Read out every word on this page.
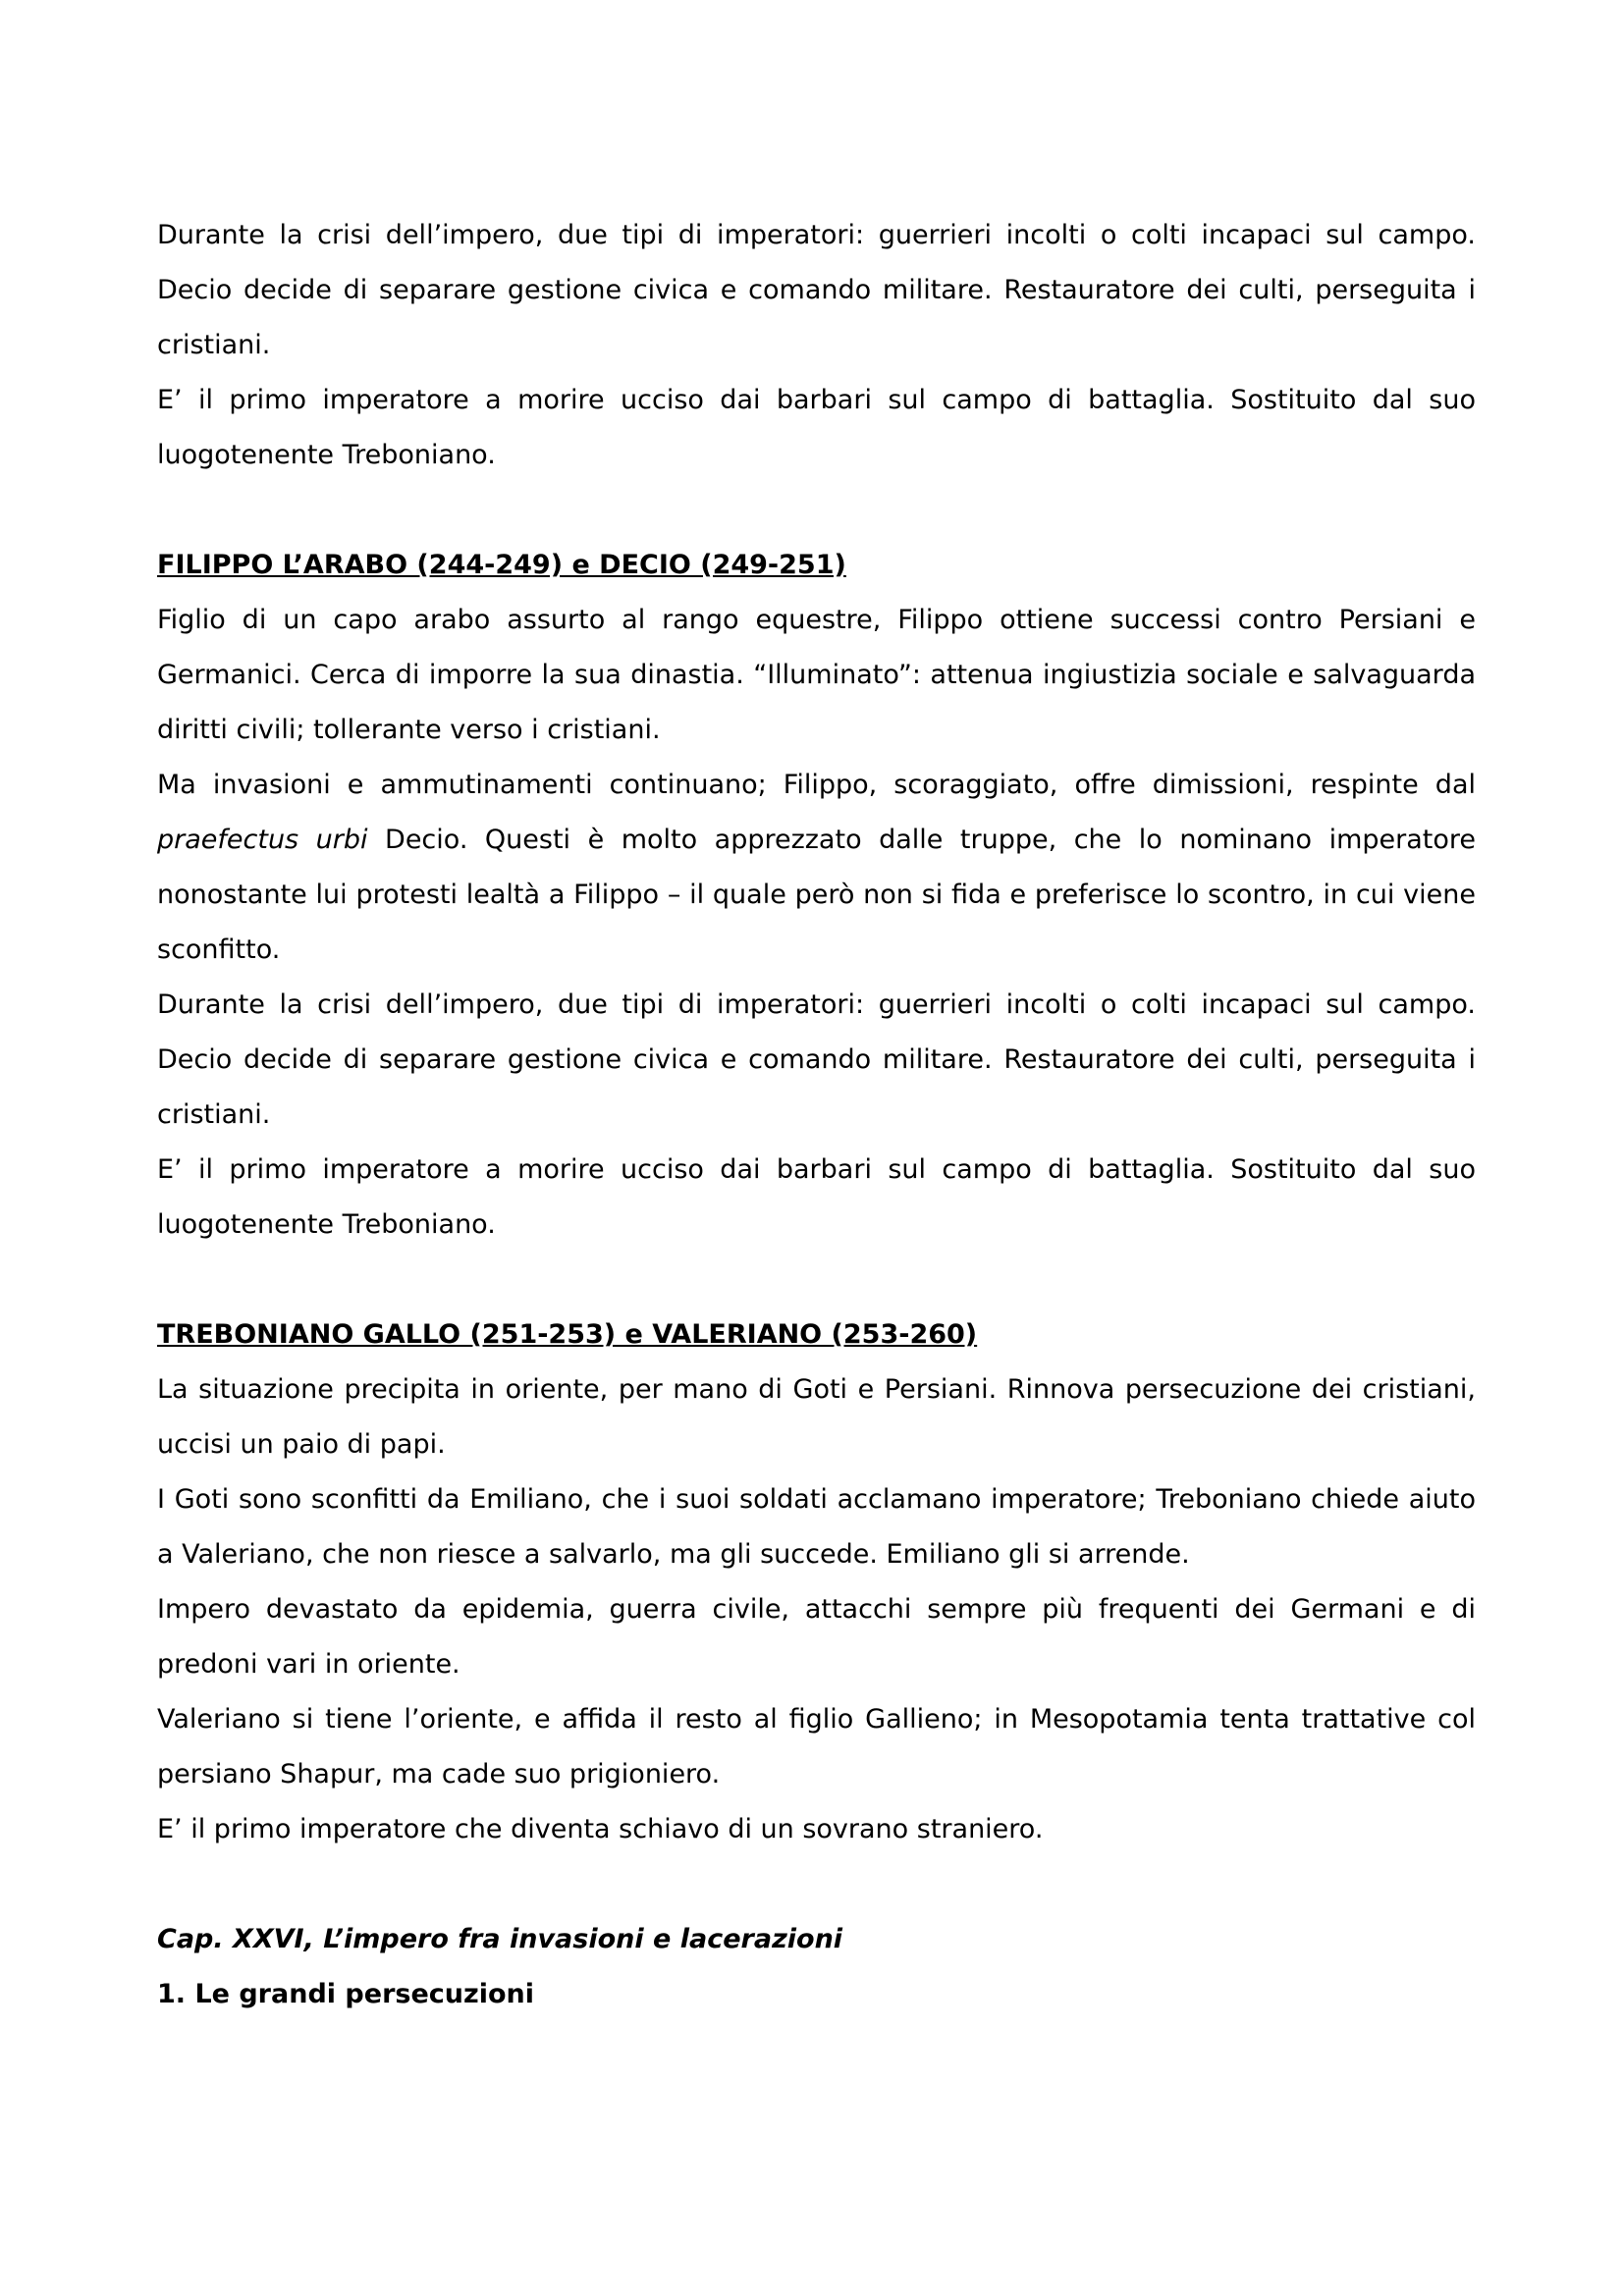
Durante la crisi dell’impero, due tipi di imperatori: guerrieri incolti o colti incapaci sul campo. Decio decide di separare gestione civica e comando militare. Restauratore dei culti, perseguita i cristiani.

E’ il primo imperatore a morire ucciso dai barbari sul campo di battaglia. Sostituito dal suo luogotenente Treboniano.

FILIPPO L’ARABO (244-249) e DECIO (249-251)

Figlio di un capo arabo assurto al rango equestre, Filippo ottiene successi contro Persiani e Germanici. Cerca di imporre la sua dinastia. “Illuminato”: attenua ingiustizia sociale e salvaguarda diritti civili; tollerante verso i cristiani.

Ma invasioni e ammutinamenti continuano; Filippo, scoraggiato, offre dimissioni, respinte dal praefectus urbi Decio. Questi è molto apprezzato dalle truppe, che lo nominano imperatore nonostante lui protesti lealtà a Filippo – il quale però non si fida e preferisce lo scontro, in cui viene sconfitto.

Durante la crisi dell’impero, due tipi di imperatori: guerrieri incolti o colti incapaci sul campo. Decio decide di separare gestione civica e comando militare. Restauratore dei culti, perseguita i cristiani.

E’ il primo imperatore a morire ucciso dai barbari sul campo di battaglia. Sostituito dal suo luogotenente Treboniano.

TREBONIANO GALLO (251-253) e VALERIANO (253-260)

La situazione precipita in oriente, per mano di Goti e Persiani. Rinnova persecuzione dei cristiani, uccisi un paio di papi.

I Goti sono sconfitti da Emiliano, che i suoi soldati acclamano imperatore; Treboniano chiede aiuto a Valeriano, che non riesce a salvarlo, ma gli succede. Emiliano gli si arrende.

Impero devastato da epidemia, guerra civile, attacchi sempre più frequenti dei Germani e di predoni vari in oriente.

Valeriano si tiene l’oriente, e affida il resto al figlio Gallieno; in Mesopotamia tenta trattative col persiano Shapur, ma cade suo prigioniero.

E’ il primo imperatore che diventa schiavo di un sovrano straniero.

Cap. XXVI, L’impero fra invasioni e lacerazioni

1. Le grandi persecuzioni
